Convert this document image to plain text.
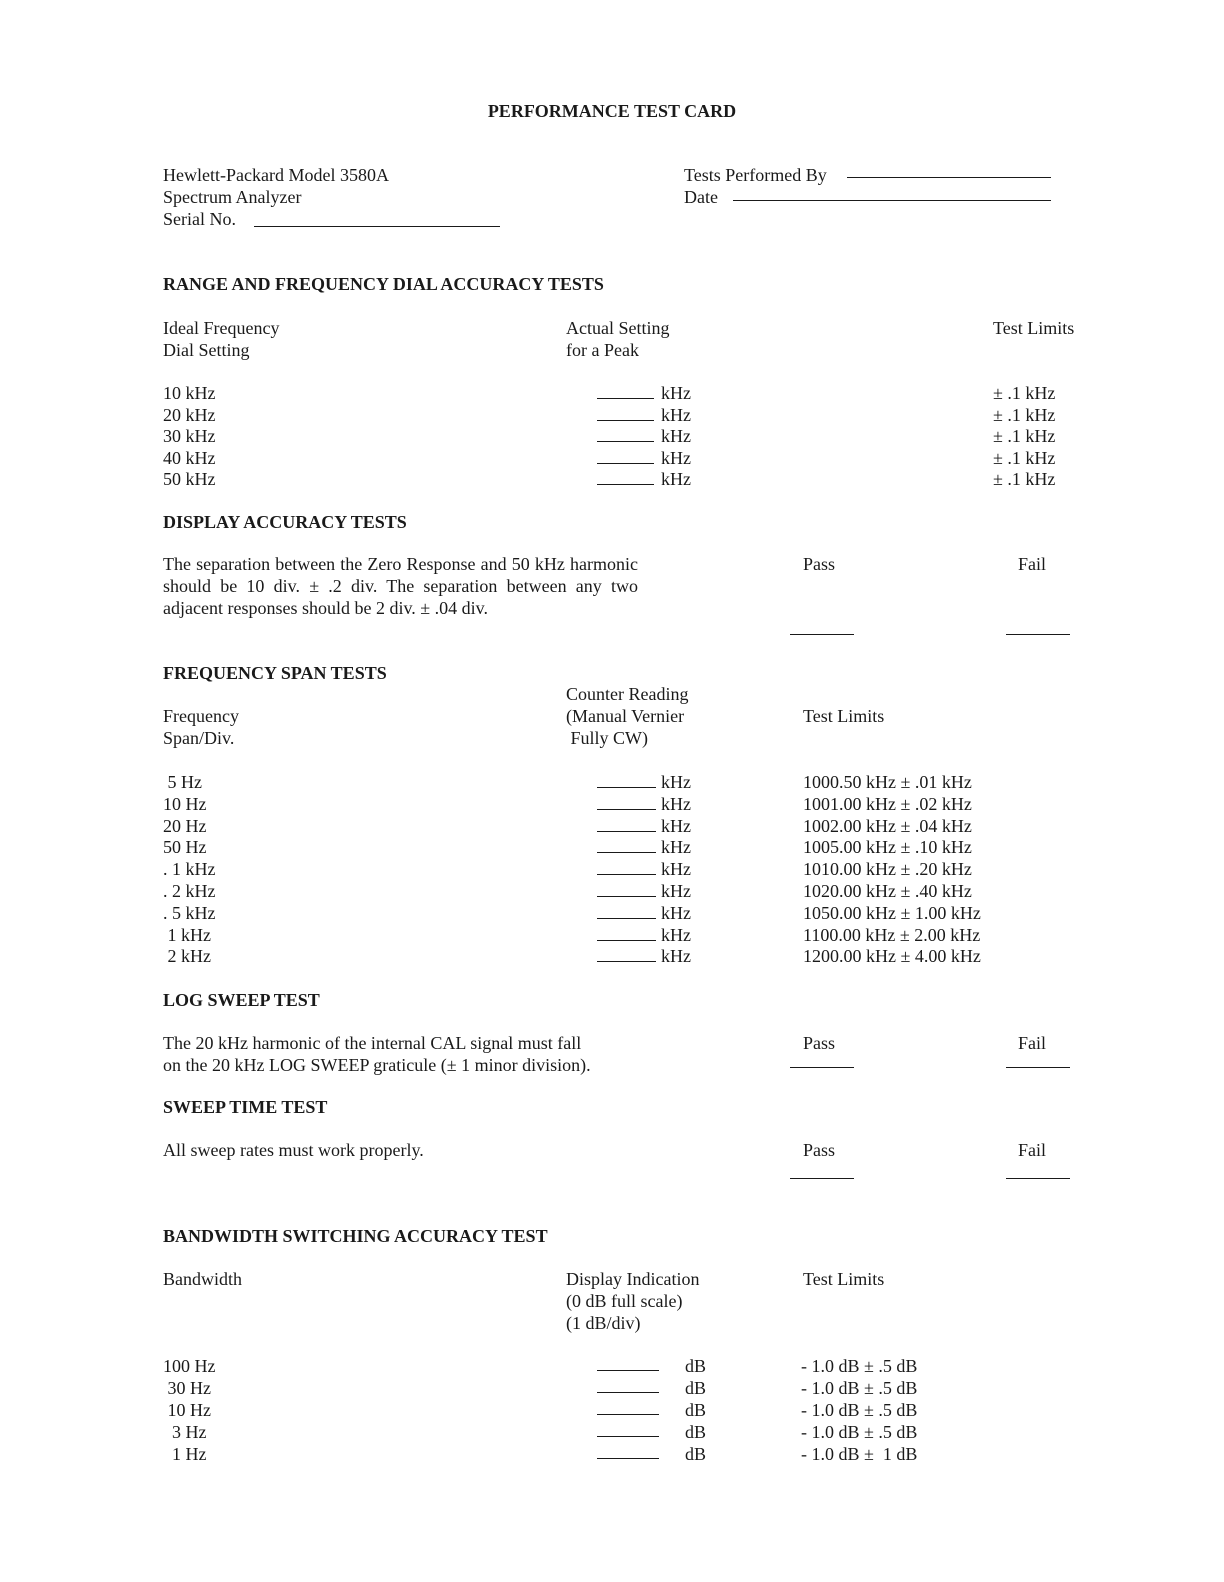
PERFORMANCE TEST CARD
Hewlett-Packard Model 3580A
Spectrum Analyzer
Serial No.
Tests Performed By
Date
RANGE AND FREQUENCY DIAL ACCURACY TESTS
Ideal Frequency
Dial Setting
Actual Setting
for a Peak
Test Limits
10 kHz	kHz	± .1 kHz
20 kHz	kHz	± .1 kHz
30 kHz	kHz	± .1 kHz
40 kHz	kHz	± .1 kHz
50 kHz	kHz	± .1 kHz
DISPLAY ACCURACY TESTS
The separation between the Zero Response and 50 kHz harmonic should be 10 div. ± .2 div. The separation between any two adjacent responses should be 2 div. ± .04 div.
Pass	Fail
FREQUENCY SPAN TESTS
Frequency
Span/Div.
Counter Reading
(Manual Vernier
Fully CW)
Test Limits
5 Hz	kHz	1000.50 kHz ± .01 kHz
10 Hz	kHz	1001.00 kHz ± .02 kHz
20 Hz	kHz	1002.00 kHz ± .04 kHz
50 Hz	kHz	1005.00 kHz ± .10 kHz
. 1 kHz	kHz	1010.00 kHz ± .20 kHz
. 2 kHz	kHz	1020.00 kHz ± .40 kHz
. 5 kHz	kHz	1050.00 kHz ± 1.00 kHz
1 kHz	kHz	1100.00 kHz ± 2.00 kHz
2 kHz	kHz	1200.00 kHz ± 4.00 kHz
LOG SWEEP TEST
The 20 kHz harmonic of the internal CAL signal must fall
on the 20 kHz LOG SWEEP graticule (± 1 minor division).
Pass	Fail
SWEEP TIME TEST
All sweep rates must work properly.	Pass	Fail
BANDWIDTH SWITCHING ACCURACY TEST
Bandwidth	Display Indication
(0 dB full scale)
(1 dB/div)
Test Limits
100 Hz	dB	- 1.0 dB ± .5 dB
30 Hz	dB	- 1.0 dB ± .5 dB
10 Hz	dB	- 1.0 dB ± .5 dB
3 Hz	dB	- 1.0 dB ± .5 dB
1 Hz	dB	- 1.0 dB ±  1 dB
